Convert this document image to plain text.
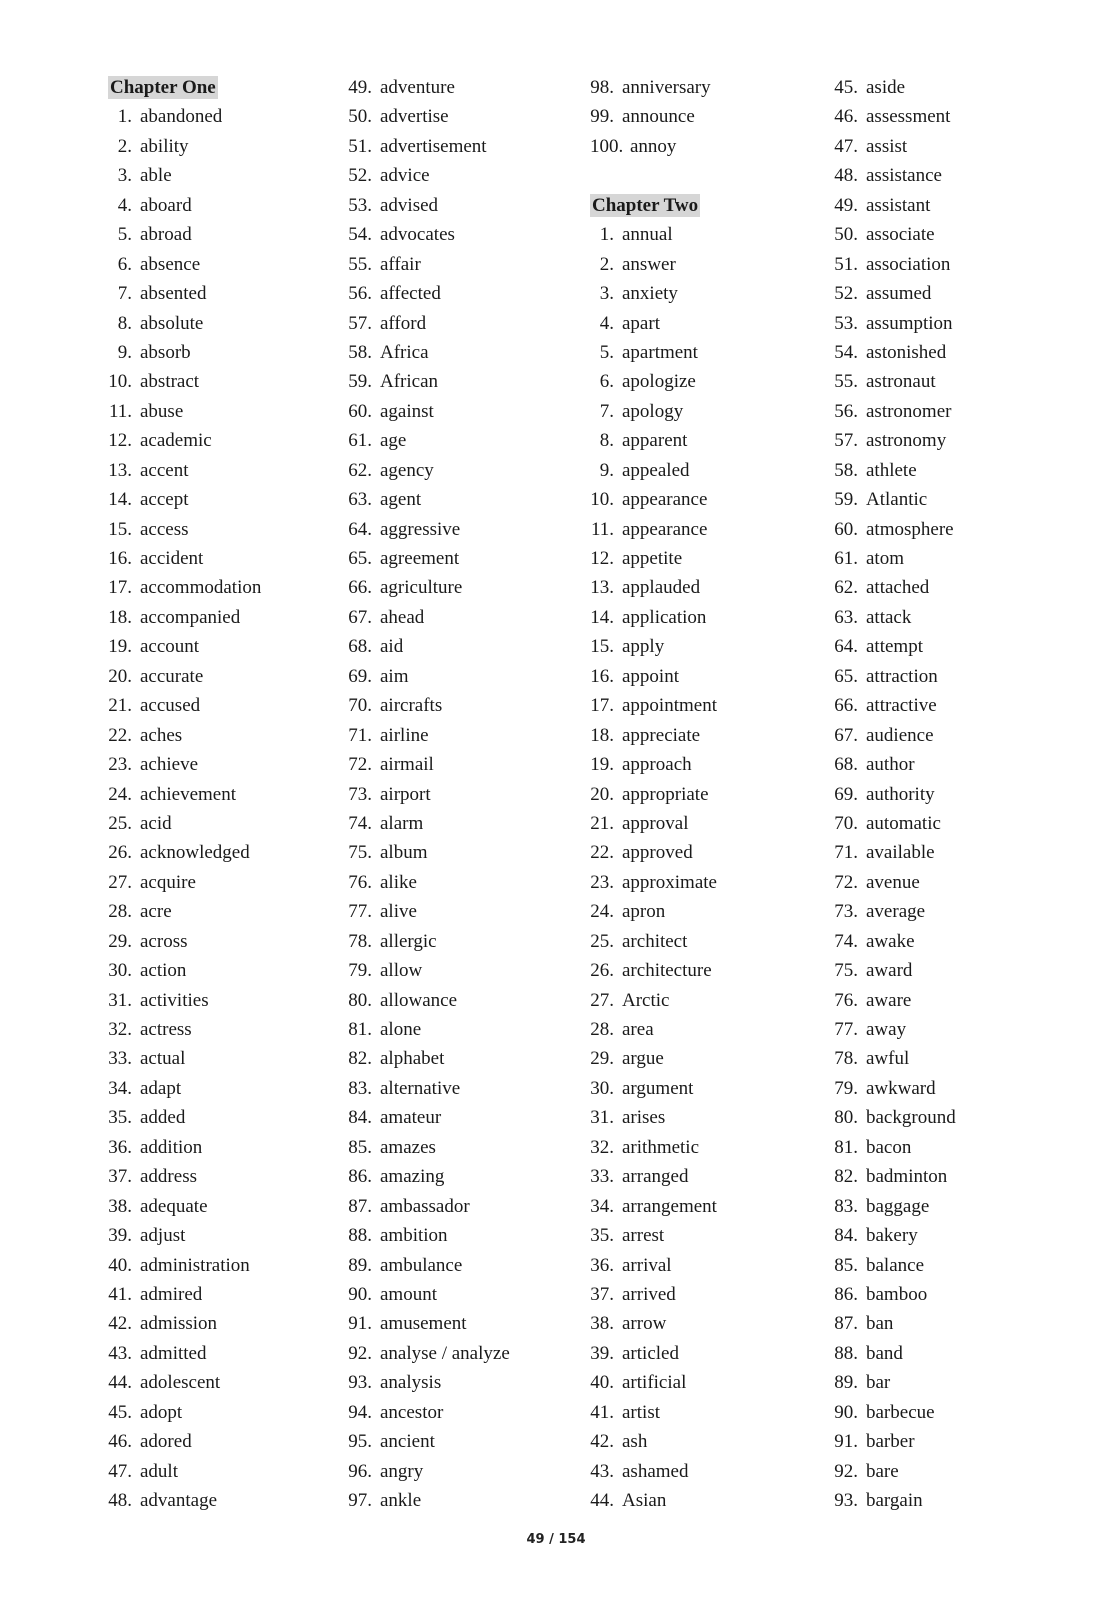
Chapter One
1. abandoned
2. ability
3. able
4. aboard
5. abroad
6. absence
7. absented
8. absolute
9. absorb
10. abstract
11. abuse
12. academic
13. accent
14. accept
15. access
16. accident
17. accommodation
18. accompanied
19. account
20. accurate
21. accused
22. aches
23. achieve
24. achievement
25. acid
26. acknowledged
27. acquire
28. acre
29. across
30. action
31. activities
32. actress
33. actual
34. adapt
35. added
36. addition
37. address
38. adequate
39. adjust
40. administration
41. admired
42. admission
43. admitted
44. adolescent
45. adopt
46. adored
47. adult
48. advantage
49. adventure
50. advertise
51. advertisement
52. advice
53. advised
54. advocates
55. affair
56. affected
57. afford
58. Africa
59. African
60. against
61. age
62. agency
63. agent
64. aggressive
65. agreement
66. agriculture
67. ahead
68. aid
69. aim
70. aircrafts
71. airline
72. airmail
73. airport
74. alarm
75. album
76. alike
77. alive
78. allergic
79. allow
80. allowance
81. alone
82. alphabet
83. alternative
84. amateur
85. amazes
86. amazing
87. ambassador
88. ambition
89. ambulance
90. amount
91. amusement
92. analyse / analyze
93. analysis
94. ancestor
95. ancient
96. angry
97. ankle
98. anniversary
99. announce
100. annoy
Chapter Two
1. annual
2. answer
3. anxiety
4. apart
5. apartment
6. apologize
7. apology
8. apparent
9. appealed
10. appearance
11. appearance
12. appetite
13. applauded
14. application
15. apply
16. appoint
17. appointment
18. appreciate
19. approach
20. appropriate
21. approval
22. approved
23. approximate
24. apron
25. architect
26. architecture
27. Arctic
28. area
29. argue
30. argument
31. arises
32. arithmetic
33. arranged
34. arrangement
35. arrest
36. arrival
37. arrived
38. arrow
39. articled
40. artificial
41. artist
42. ash
43. ashamed
44. Asian
45. aside
46. assessment
47. assist
48. assistance
49. assistant
50. associate
51. association
52. assumed
53. assumption
54. astonished
55. astronaut
56. astronomer
57. astronomy
58. athlete
59. Atlantic
60. atmosphere
61. atom
62. attached
63. attack
64. attempt
65. attraction
66. attractive
67. audience
68. author
69. authority
70. automatic
71. available
72. avenue
73. average
74. awake
75. award
76. aware
77. away
78. awful
79. awkward
80. background
81. bacon
82. badminton
83. baggage
84. bakery
85. balance
86. bamboo
87. ban
88. band
89. bar
90. barbecue
91. barber
92. bare
93. bargain
49 / 154
